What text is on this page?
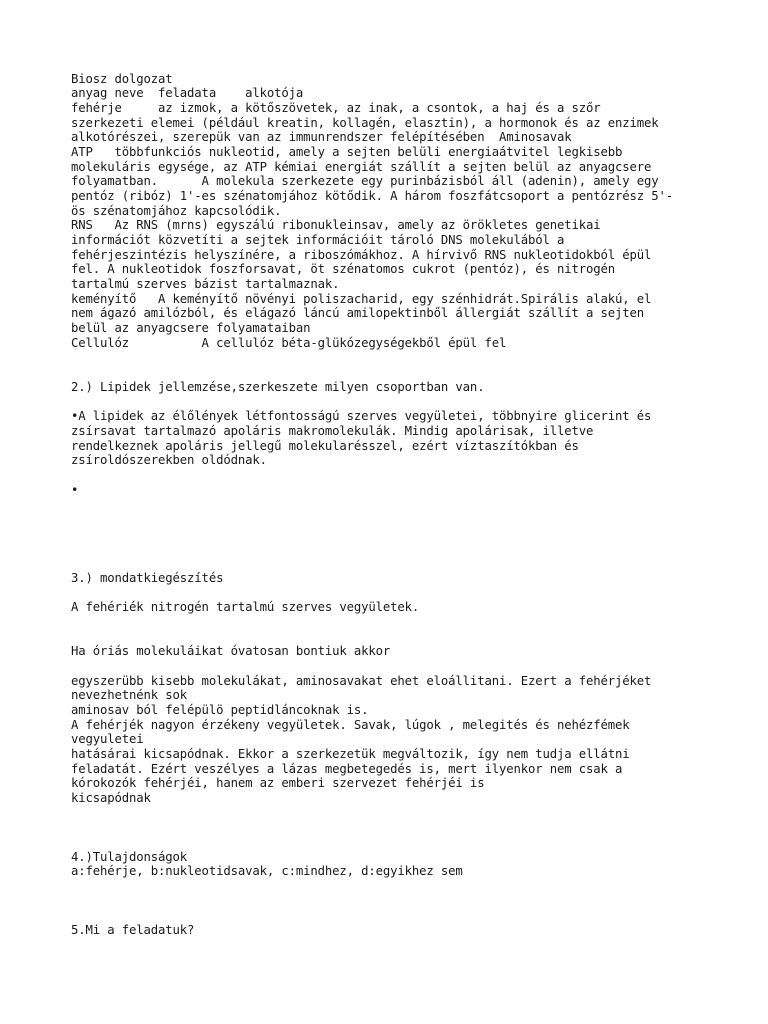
Biosz dolgozat
anyag neve  feladata    alkotója
fehérje     az izmok, a kötőszövetek, az inak, a csontok, a haj és a szőr
szerkezeti elemei (például kreatin, kollagén, elasztin), a hormonok és az enzimek
alkotórészei, szerepük van az immunrendszer felépítésében  Aminosavak
ATP   többfunkciós nukleotid, amely a sejten belüli energiaátvitel legkisebb
molekuláris egysége, az ATP kémiai energiát szállít a sejten belül az anyagcsere
folyamatban.      A molekula szerkezete egy purinbázisból áll (adenin), amely egy
pentóz (ribóz) 1'-es szénatomjához kötődik. A három foszfátcsoport a pentózrész 5'-
ös szénatomjához kapcsolódik.
RNS   Az RNS (mrns) egyszálú ribonukleinsav, amely az örökletes genetikai
információt közvetíti a sejtek információit tároló DNS molekulából a
fehérjeszintézis helyszínére, a riboszómákhoz. A hírvivő RNS nukleotidokból épül
fel. A nukleotidok foszforsavat, öt szénatomos cukrot (pentóz), és nitrogén
tartalmú szerves bázist tartalmaznak.
keményítő   A keményítő növényi poliszacharid, egy szénhidrát.Spirális alakú, el
nem ágazó amilózból, és elágazó láncú amilopektinből állergiát szállít a sejten
belül az anyagcsere folyamataiban
Cellulóz          A cellulóz béta-glükózegységekből épül fel
2.) Lipidek jellemzése,szerkeszete milyen csoportban van.
•A lipidek az élőlények létfontosságú szerves vegyületei, többnyire glicerint és
zsírsavat tartalmazó apoláris makromolekulák. Mindig apolárisak, illetve
rendelkeznek apoláris jellegű molekularésszel, ezért víztaszítókban és
zsíroldószerekben oldódnak.
•
3.) mondatkiegészítés
A fehériék nitrogén tartalmú szerves vegyületek.
Ha óriás molekuláikat óvatosan bontiuk akkor
egyszerübb kisebb molekulákat, aminosavakat ehet eloállitani. Ezert a fehérjéket
nevezhetnénk sok
aminosav ból felépülö peptidláncoknak is.
A fehérjék nagyon érzékeny vegyületek. Savak, lúgok , melegités és nehézfémek
vegyuletei
hatásárai kicsapódnak. Ekkor a szerkezetük megváltozik, így nem tudja ellátni
feladatát. Ezért veszélyes a lázas megbetegedés is, mert ilyenkor nem csak a
kórokozók fehérjéi, hanem az emberi szervezet fehérjéi is
kicsapódnak
4.)Tulajdonságok
a:fehérje, b:nukleotidsavak, c:mindhez, d:egyikhez sem
5.Mi a feladatuk?
